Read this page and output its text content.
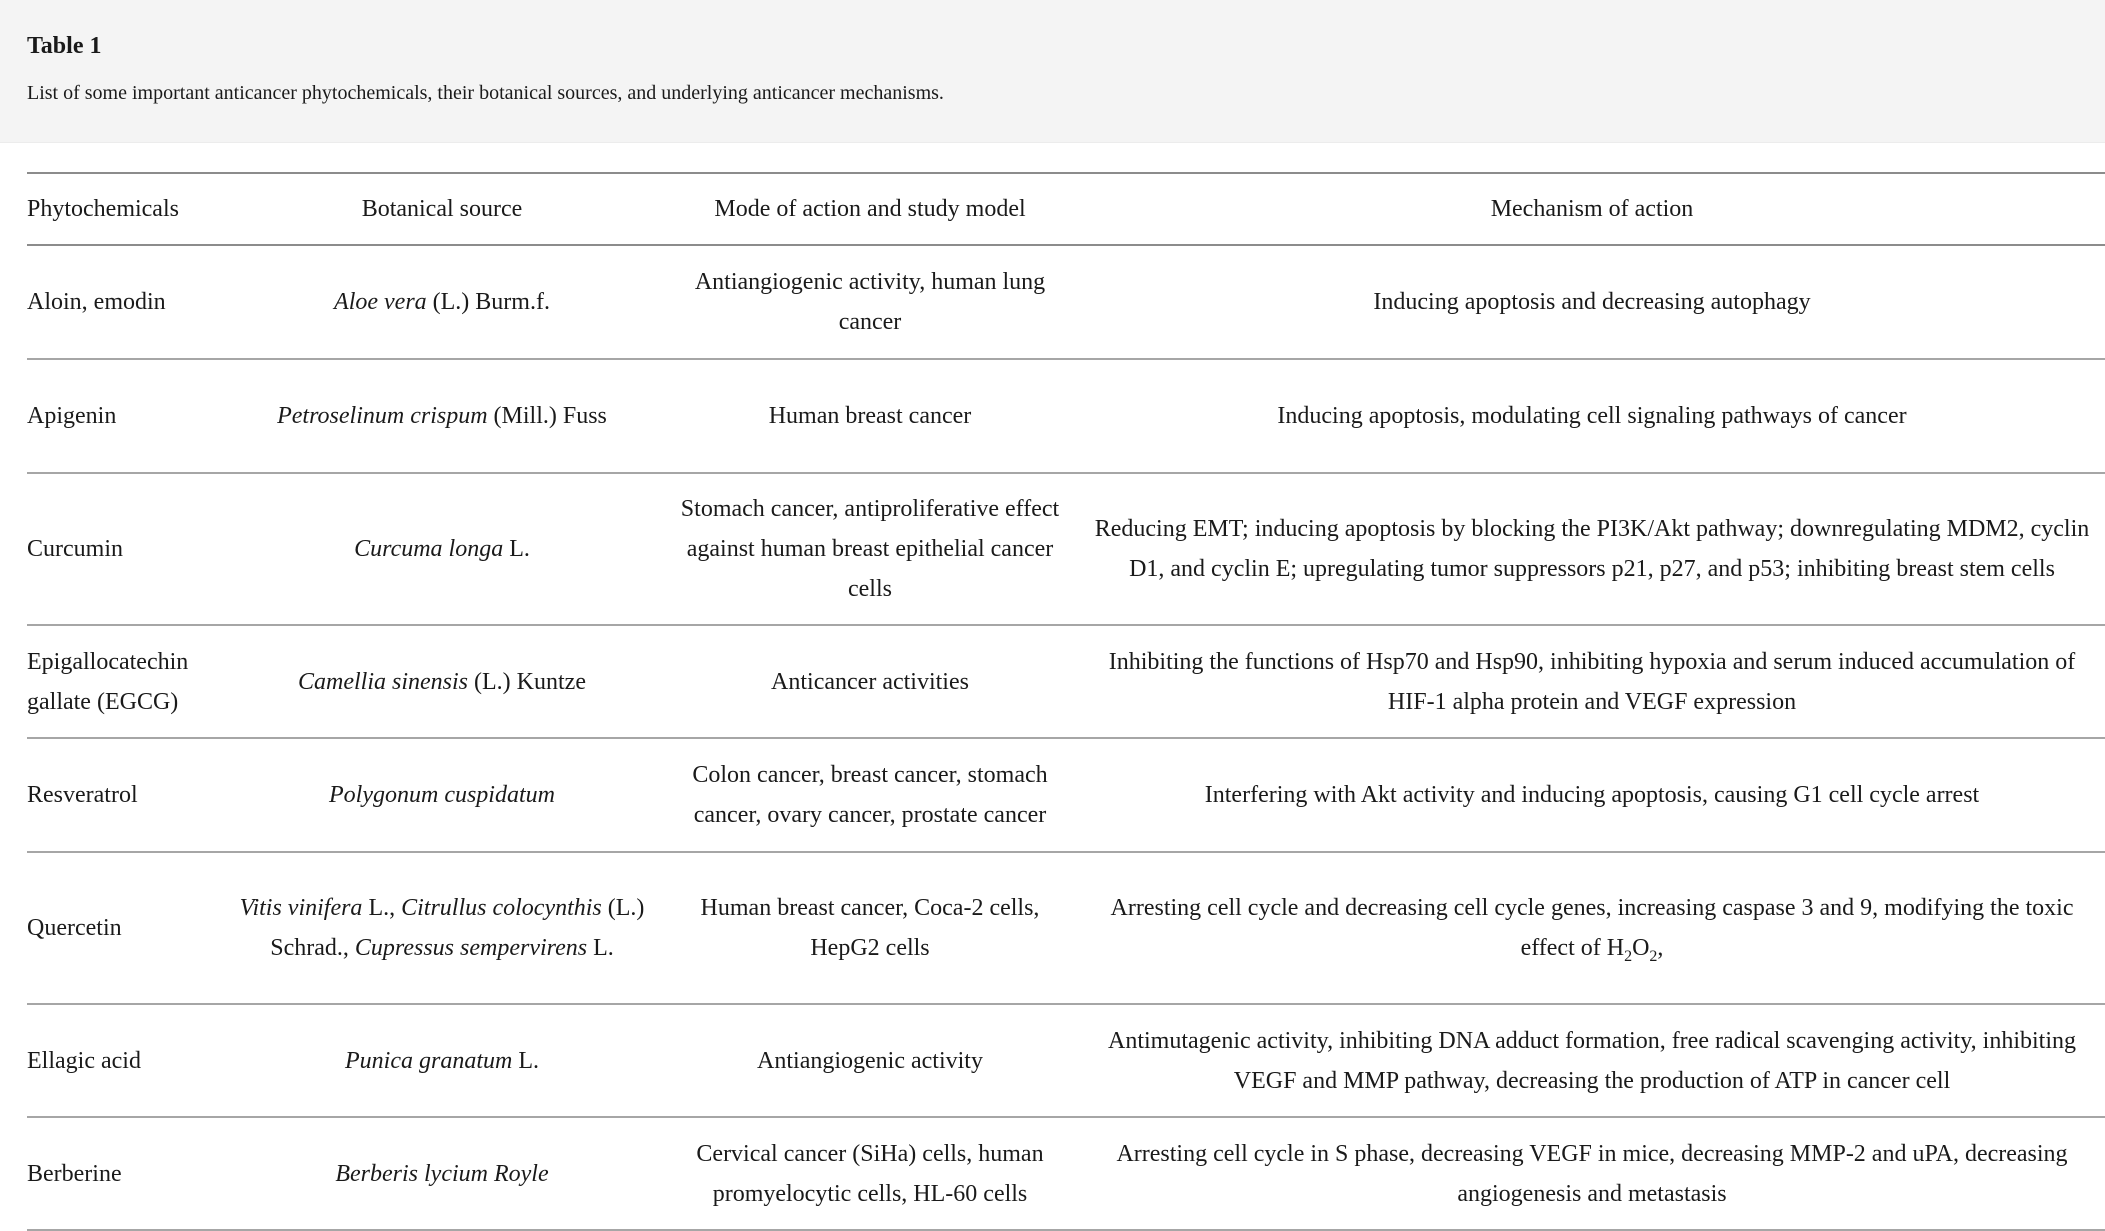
Table 1
List of some important anticancer phytochemicals, their botanical sources, and underlying anticancer mechanisms.
Phytochemicals	Botanical source	Mode of action and study model	Mechanism of action
Aloin, emodin	Aloe vera (L.) Burm.f.	Antiangiogenic activity, human lung cancer	Inducing apoptosis and decreasing autophagy
Apigenin	Petroselinum crispum (Mill.) Fuss	Human breast cancer	Inducing apoptosis, modulating cell signaling pathways of cancer
Curcumin	Curcuma longa L.	Stomach cancer, antiproliferative effect against human breast epithelial cancer cells	Reducing EMT; inducing apoptosis by blocking the PI3K/Akt pathway; downregulating MDM2, cyclin D1, and cyclin E; upregulating tumor suppressors p21, p27, and p53; inhibiting breast stem cells
Epigallocatechin gallate (EGCG)	Camellia sinensis (L.) Kuntze	Anticancer activities	Inhibiting the functions of Hsp70 and Hsp90, inhibiting hypoxia and serum induced accumulation of HIF-1 alpha protein and VEGF expression
Resveratrol	Polygonum cuspidatum	Colon cancer, breast cancer, stomach cancer, ovary cancer, prostate cancer	Interfering with Akt activity and inducing apoptosis, causing G1 cell cycle arrest
Quercetin	Vitis vinifera L., Citrullus colocynthis (L.) Schrad., Cupressus sempervirens L.	Human breast cancer, Coca-2 cells, HepG2 cells	Arresting cell cycle and decreasing cell cycle genes, increasing caspase 3 and 9, modifying the toxic effect of $H_2O_2$,
Ellagic acid	Punica granatum L.	Antiangiogenic activity	Antimutagenic activity, inhibiting DNA adduct formation, free radical scavenging activity, inhibiting VEGF and MMP pathway, decreasing the production of ATP in cancer cell
Berberine	Berberis lycium Royle	Cervical cancer (SiHa) cells, human promyelocytic cells, HL-60 cells	Arresting cell cycle in S phase, decreasing VEGF in mice, decreasing MMP-2 and uPA, decreasing angiogenesis and metastasis
